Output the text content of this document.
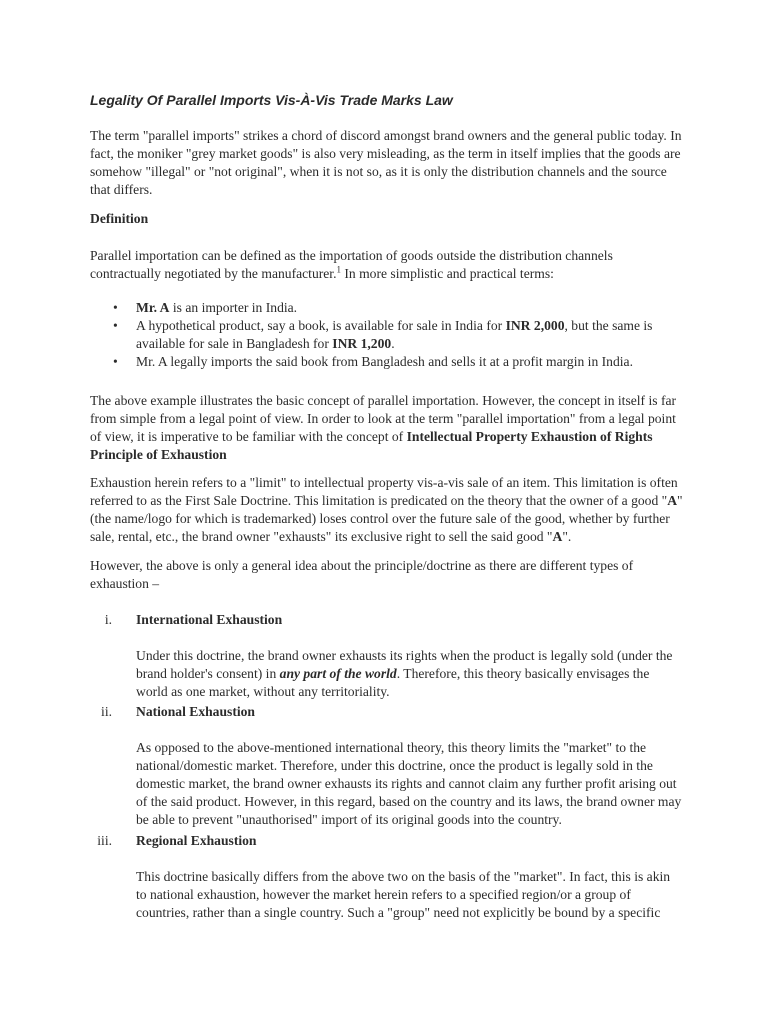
Legality Of Parallel Imports Vis-À-Vis Trade Marks Law

The term "parallel imports" strikes a chord of discord amongst brand owners and the general public today. In fact, the moniker "grey market goods" is also very misleading, as the term in itself implies that the goods are somehow "illegal" or "not original", when it is not so, as it is only the distribution channels and the source that differs.

Definition

Parallel importation can be defined as the importation of goods outside the distribution channels contractually negotiated by the manufacturer.$^1$ In more simplistic and practical terms:

• Mr. A is an importer in India.
• A hypothetical product, say a book, is available for sale in India for INR 2,000, but the same is available for sale in Bangladesh for INR 1,200.
• Mr. A legally imports the said book from Bangladesh and sells it at a profit margin in India.

The above example illustrates the basic concept of parallel importation. However, the concept in itself is far from simple from a legal point of view. In order to look at the term "parallel importation" from a legal point of view, it is imperative to be familiar with the concept of Intellectual Property Exhaustion of Rights Principle of Exhaustion

Exhaustion herein refers to a "limit" to intellectual property vis-a-vis sale of an item. This limitation is often referred to as the First Sale Doctrine. This limitation is predicated on the theory that the owner of a good "A" (the name/logo for which is trademarked) loses control over the future sale of the good, whether by further sale, rental, etc., the brand owner "exhausts" its exclusive right to sell the said good "A".

However, the above is only a general idea about the principle/doctrine as there are different types of exhaustion –

i. International Exhaustion

Under this doctrine, the brand owner exhausts its rights when the product is legally sold (under the brand holder's consent) in any part of the world. Therefore, this theory basically envisages the world as one market, without any territoriality.

ii. National Exhaustion

As opposed to the above-mentioned international theory, this theory limits the "market" to the national/domestic market. Therefore, under this doctrine, once the product is legally sold in the domestic market, the brand owner exhausts its rights and cannot claim any further profit arising out of the said product. However, in this regard, based on the country and its laws, the brand owner may be able to prevent "unauthorised" import of its original goods into the country.

iii. Regional Exhaustion

This doctrine basically differs from the above two on the basis of the "market". In fact, this is akin to national exhaustion, however the market herein refers to a specified region/or a group of countries, rather than a single country. Such a "group" need not explicitly be bound by a specific
